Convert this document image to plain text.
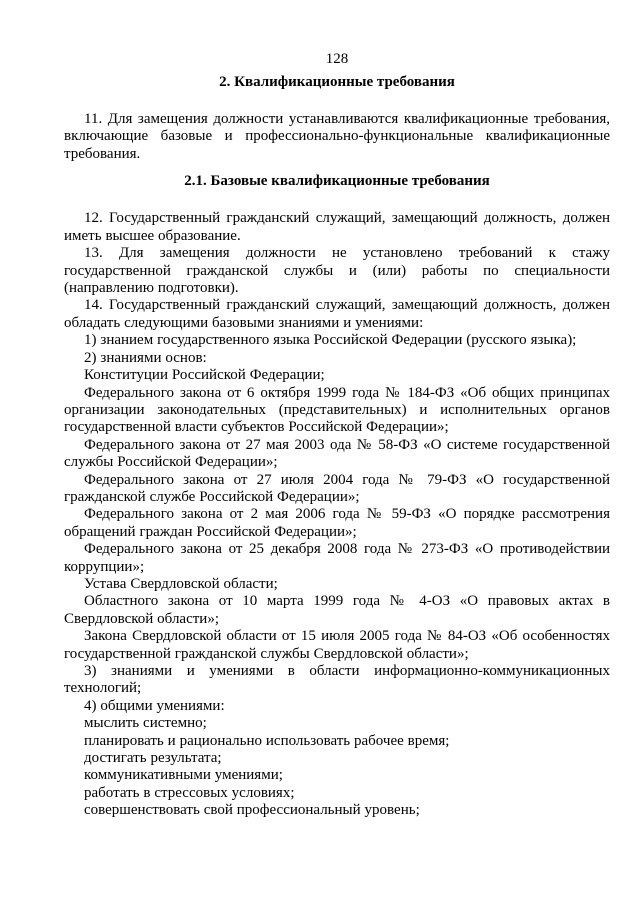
128

2. Квалификационные требования

11. Для замещения должности устанавливаются квалификационные требования, включающие базовые и профессионально-функциональные квалификационные требования.

2.1. Базовые квалификационные требования

12. Государственный гражданский служащий, замещающий должность, должен иметь высшее образование.

13. Для замещения должности не установлено требований к стажу государственной гражданской службы и (или) работы по специальности (направлению подготовки).

14. Государственный гражданский служащий, замещающий должность, должен обладать следующими базовыми знаниями и умениями:

1) знанием государственного языка Российской Федерации (русского языка);

2) знаниями основ:

Конституции Российской Федерации;

Федерального закона от 6 октября 1999 года № 184-ФЗ «Об общих принципах организации законодательных (представительных) и исполнительных органов государственной власти субъектов Российской Федерации»;

Федерального закона от 27 мая 2003 ода № 58-ФЗ «О системе государственной службы Российской Федерации»;

Федерального закона от 27 июля 2004 года № 79-ФЗ «О государственной гражданской службе Российской Федерации»;

Федерального закона от 2 мая 2006 года № 59-ФЗ «О порядке рассмотрения обращений граждан Российской Федерации»;

Федерального закона от 25 декабря 2008 года № 273-ФЗ «О противодействии коррупции»;

Устава Свердловской области;

Областного закона от 10 марта 1999 года № 4-ОЗ «О правовых актах в Свердловской области»;

Закона Свердловской области от 15 июля 2005 года № 84-ОЗ «Об особенностях государственной гражданской службы Свердловской области»;

3) знаниями и умениями в области информационно-коммуникационных технологий;

4) общими умениями:

мыслить системно;

планировать и рационально использовать рабочее время;

достигать результата;

коммуникативными умениями;

работать в стрессовых условиях;

совершенствовать свой профессиональный уровень;
